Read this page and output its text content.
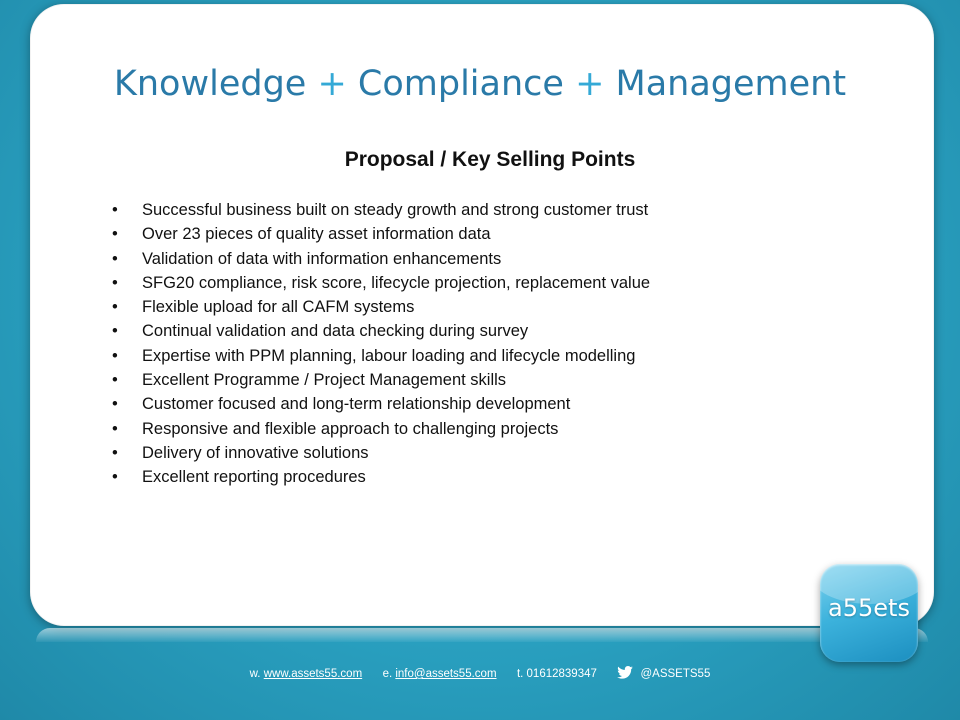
Knowledge + Compliance + Management
Proposal / Key Selling Points
• Successful business built on steady growth and strong customer trust
• Over 23 pieces of quality asset information data
• Validation of data with information enhancements
• SFG20 compliance, risk score, lifecycle projection, replacement value
• Flexible upload for all CAFM systems
• Continual validation and data checking during survey
• Expertise with PPM planning, labour loading and lifecycle modelling
• Excellent Programme / Project Management skills
• Customer focused and long-term relationship development
• Responsive and flexible approach to challenging projects
• Delivery of innovative solutions
• Excellent reporting procedures
a55ets
w. www.assets55.com e. info@assets55.com t. 01612839347	@ASSETS55
